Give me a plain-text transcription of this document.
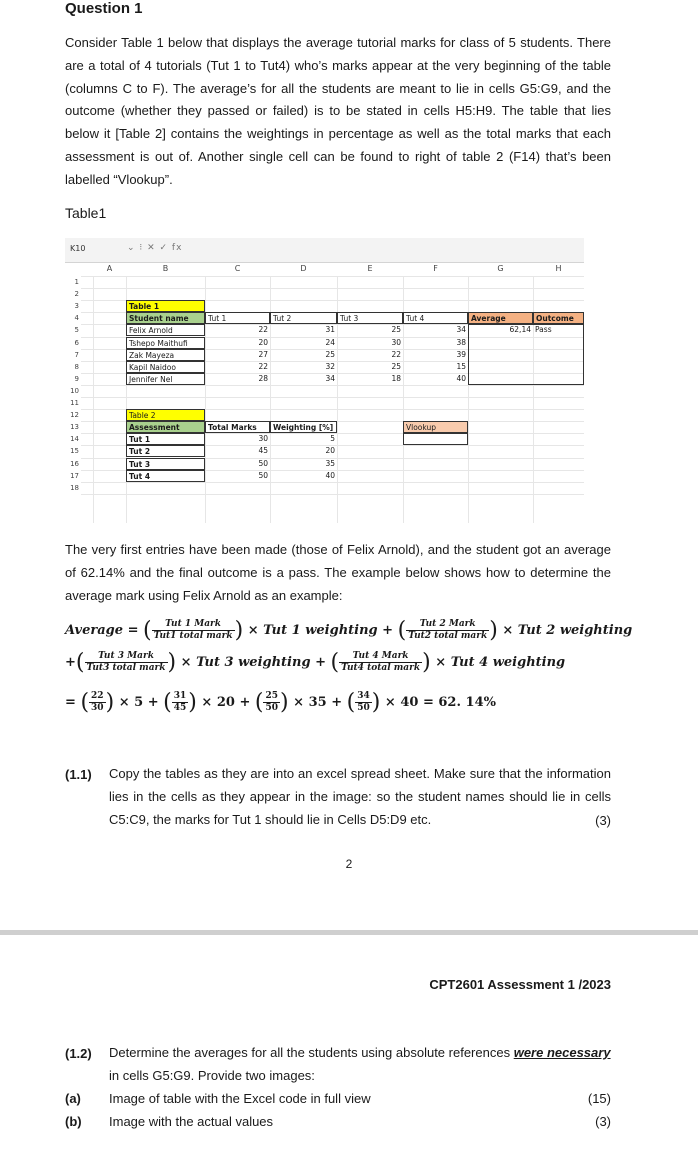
Question 1
Consider Table 1 below that displays the average tutorial marks for class of 5 students. There are a total of 4 tutorials (Tut 1 to Tut4) who’s marks appear at the very beginning of the table (columns C to F). The average’s for all the students are meant to lie in cells G5:G9, and the outcome (whether they passed or failed) is to be stated in cells H5:H9. The table that lies below it [Table 2] contains the weightings in percentage as well as the total marks that each assessment is out of. Another single cell can be found to right of table 2 (F14) that’s been labelled “Vlookup”.
Table1
K10	⌄ ⁝ ✕ ✓ fx
A	B	C	D	E	F	G	H
1
2
3
4
5
6
7
8
9
10
11
12
13
14
15
16
17
18
Table 1
Student name	Tut 1	Tut 2	Tut 3	Tut 4	Average	Outcome
Felix Arnold	22	31	25	34	62,14 Pass
Tshepo Maithufi	20	24	30	38
Zak Mayeza	27	25	22	39
Kapil Naidoo	22	32	25	15
Jennifer Nel	28	34	18	40
Table 2
Assessment	Total Marks	Weighting [%]
Tut 1	30	5
Tut 2	45	20
Tut 3	50	35
Tut 4	50	40
Vlookup
The very first entries have been made (those of Felix Arnold), and the student got an average of 62.14% and the final outcome is a pass. The example below shows how to determine the average mark using Felix Arnold as an example:
Average = ( $\frac{\text{Tut 1 Mark}}{\text{Tut1 total mark}}$ ) × Tut 1 weighting + ( $\frac{\text{Tut 2 Mark}}{\text{Tut2 total mark}}$ ) × Tut 2 weighting
+( $\frac{\text{Tut 3 Mark}}{\text{Tut3 total mark}}$ ) × Tut 3 weighting + ( $\frac{\text{Tut 4 Mark}}{\text{Tut4 total mark}}$ ) × Tut 4 weighting
= ( $\frac{22}{30}$ ) × 5 + ( $\frac{31}{45}$ ) × 20 + ( $\frac{25}{50}$ ) × 35 + ( $\frac{34}{50}$ ) × 40 = 62. 14%
(1.1) Copy the tables as they are into an excel spread sheet. Make sure that the information lies in the cells as they appear in the image: so the student names should lie in cells C5:C9, the marks for Tut 1 should lie in Cells D5:D9 etc.	(3)
2
CPT2601 Assessment 1 /2023
(1.2) Determine the averages for all the students using absolute references were necessary in cells G5:G9. Provide two images:
(a) Image of table with the Excel code in full view	(15)
(b) Image with the actual values	(3)
